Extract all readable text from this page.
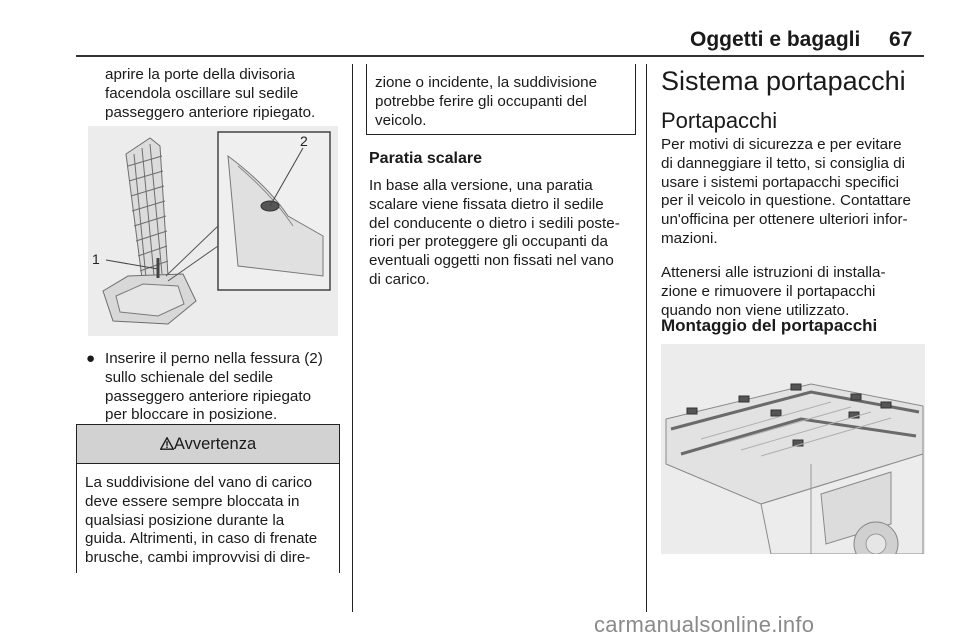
Oggetti e bagagli 67
aprire la porte della divisoria
facendola oscillare sul sedile
passeggero anteriore ripiegato.
1
2
● Inserire il perno nella fessura (2)
sullo schienale del sedile
passeggero anteriore ripiegato
per bloccare in posizione.
Avvertenza
La suddivisione del vano di carico
deve essere sempre bloccata in
qualsiasi posizione durante la
guida. Altrimenti, in caso di frenate
brusche, cambi improvvisi di dire-
zione o incidente, la suddivisione
potrebbe ferire gli occupanti del
veicolo.
Paratia scalare
In base alla versione, una paratia
scalare viene fissata dietro il sedile
del conducente o dietro i sedili poste-
riori per proteggere gli occupanti da
eventuali oggetti non fissati nel vano
di carico.
Sistema portapacchi
Portapacchi
Per motivi di sicurezza e per evitare
di danneggiare il tetto, si consiglia di
usare i sistemi portapacchi specifici
per il veicolo in questione. Contattare
un'officina per ottenere ulteriori infor-
mazioni.
Attenersi alle istruzioni di installa-
zione e rimuovere il portapacchi
quando non viene utilizzato.
Montaggio del portapacchi
carmanualsonline.info
